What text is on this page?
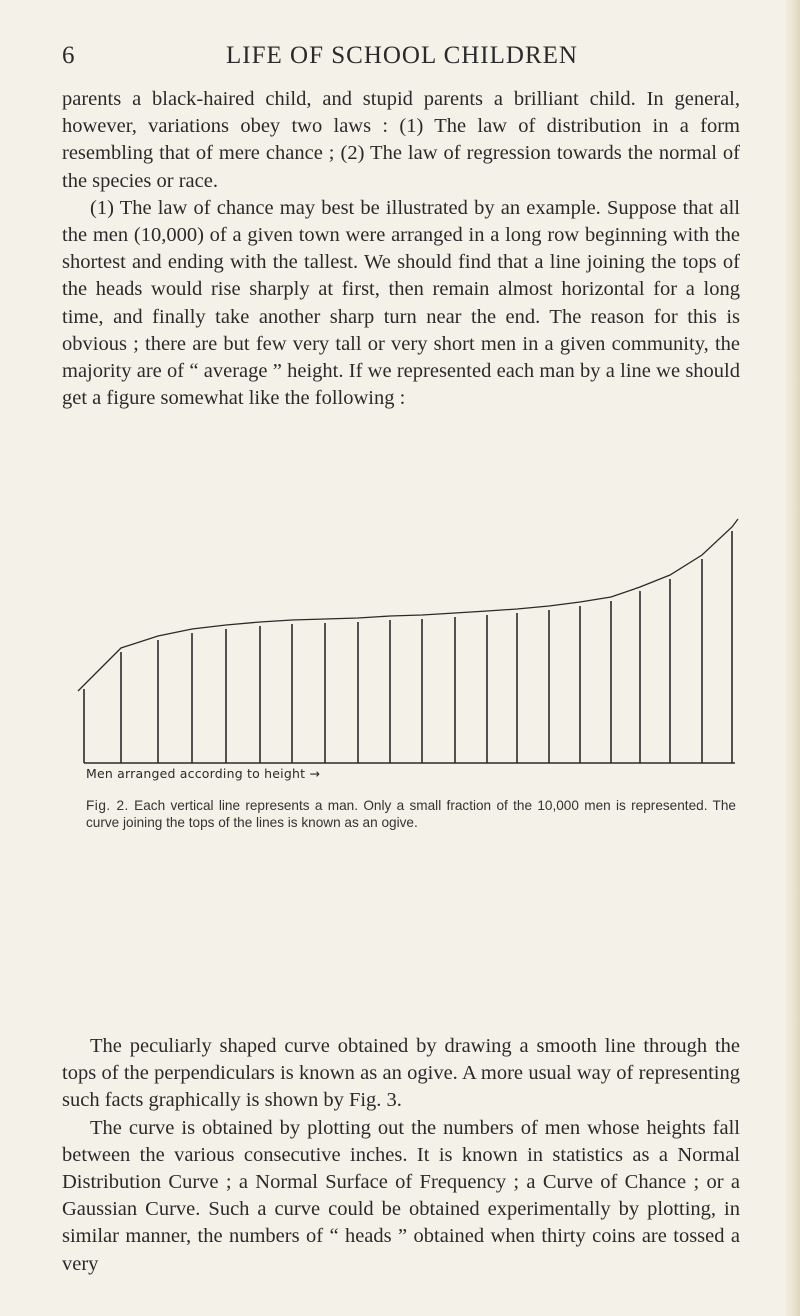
6	LIFE OF SCHOOL CHILDREN

parents a black-haired child, and stupid parents a brilliant child. In general, however, variations obey two laws : (1) The law of distribution in a form resembling that of mere chance ; (2) The law of regression towards the normal of the species or race.

(1) The law of chance may best be illustrated by an example. Suppose that all the men (10,000) of a given town were arranged in a long row beginning with the shortest and ending with the tallest. We should find that a line joining the tops of the heads would rise sharply at first, then remain almost horizontal for a long time, and finally take another sharp turn near the end. The reason for this is obvious ; there are but few very tall or very short men in a given community, the majority are of “ average ” height. If we represented each man by a line we should get a figure somewhat like the following :

Men arranged according to height →
Fig. 2. Each vertical line represents a man. Only a small fraction of the 10,000 men is represented. The curve joining the tops of the lines is known as an ogive.

The peculiarly shaped curve obtained by drawing a smooth line through the tops of the perpendiculars is known as an ogive. A more usual way of representing such facts graphically is shown by Fig. 3.

The curve is obtained by plotting out the numbers of men whose heights fall between the various consecutive inches. It is known in statistics as a Normal Distribution Curve ; a Normal Surface of Frequency ; a Curve of Chance ; or a Gaussian Curve. Such a curve could be obtained experimentally by plotting, in similar manner, the numbers of “ heads ” obtained when thirty coins are tossed a very
